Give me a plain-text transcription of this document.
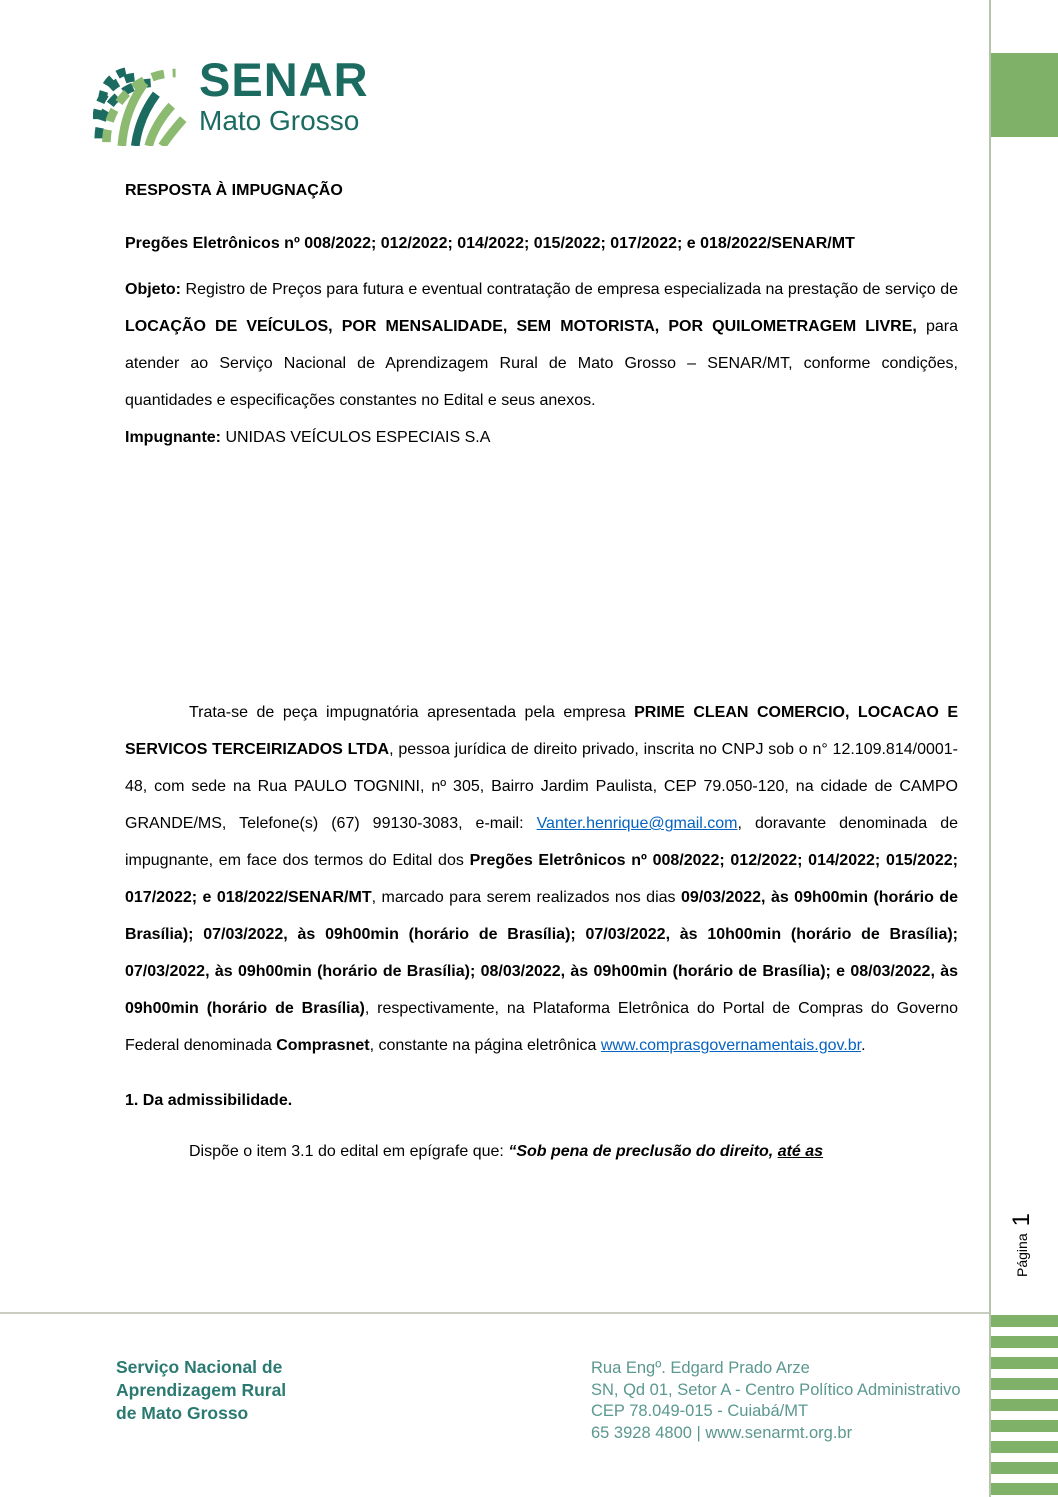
SENAR
Mato Grosso

RESPOSTA À IMPUGNAÇÃO

Pregões Eletrônicos nº 008/2022; 012/2022; 014/2022; 015/2022; 017/2022; e 018/2022/SENAR/MT

Objeto: Registro de Preços para futura e eventual contratação de empresa especializada na prestação de serviço de LOCAÇÃO DE VEÍCULOS, POR MENSALIDADE, SEM MOTORISTA, POR QUILOMETRAGEM LIVRE, para atender ao Serviço Nacional de Aprendizagem Rural de Mato Grosso – SENAR/MT, conforme condições, quantidades e especificações constantes no Edital e seus anexos.

Impugnante: UNIDAS VEÍCULOS ESPECIAIS S.A

Trata-se de peça impugnatória apresentada pela empresa PRIME CLEAN COMERCIO, LOCACAO E SERVICOS TERCEIRIZADOS LTDA, pessoa jurídica de direito privado, inscrita no CNPJ sob o n° 12.109.814/0001-48, com sede na Rua PAULO TOGNINI, nº 305, Bairro Jardim Paulista, CEP 79.050-120, na cidade de CAMPO GRANDE/MS, Telefone(s) (67) 99130-3083, e-mail: Vanter.henrique@gmail.com, doravante denominada de impugnante, em face dos termos do Edital dos Pregões Eletrônicos nº 008/2022; 012/2022; 014/2022; 015/2022; 017/2022; e 018/2022/SENAR/MT, marcado para serem realizados nos dias 09/03/2022, às 09h00min (horário de Brasília); 07/03/2022, às 09h00min (horário de Brasília); 07/03/2022, às 10h00min (horário de Brasília); 07/03/2022, às 09h00min (horário de Brasília); 08/03/2022, às 09h00min (horário de Brasília); e 08/03/2022, às 09h00min (horário de Brasília), respectivamente, na Plataforma Eletrônica do Portal de Compras do Governo Federal denominada Comprasnet, constante na página eletrônica www.comprasgovernamentais.gov.br.

1. Da admissibilidade.

Dispõe o item 3.1 do edital em epígrafe que: “Sob pena de preclusão do direito, até as

Página
1
Serviço Nacional de
Aprendizagem Rural
de Mato Grosso
Rua Engº. Edgard Prado Arze
SN, Qd 01, Setor A - Centro Político Administrativo
CEP 78.049-015 - Cuiabá/MT
65 3928 4800 | www.senarmt.org.br
